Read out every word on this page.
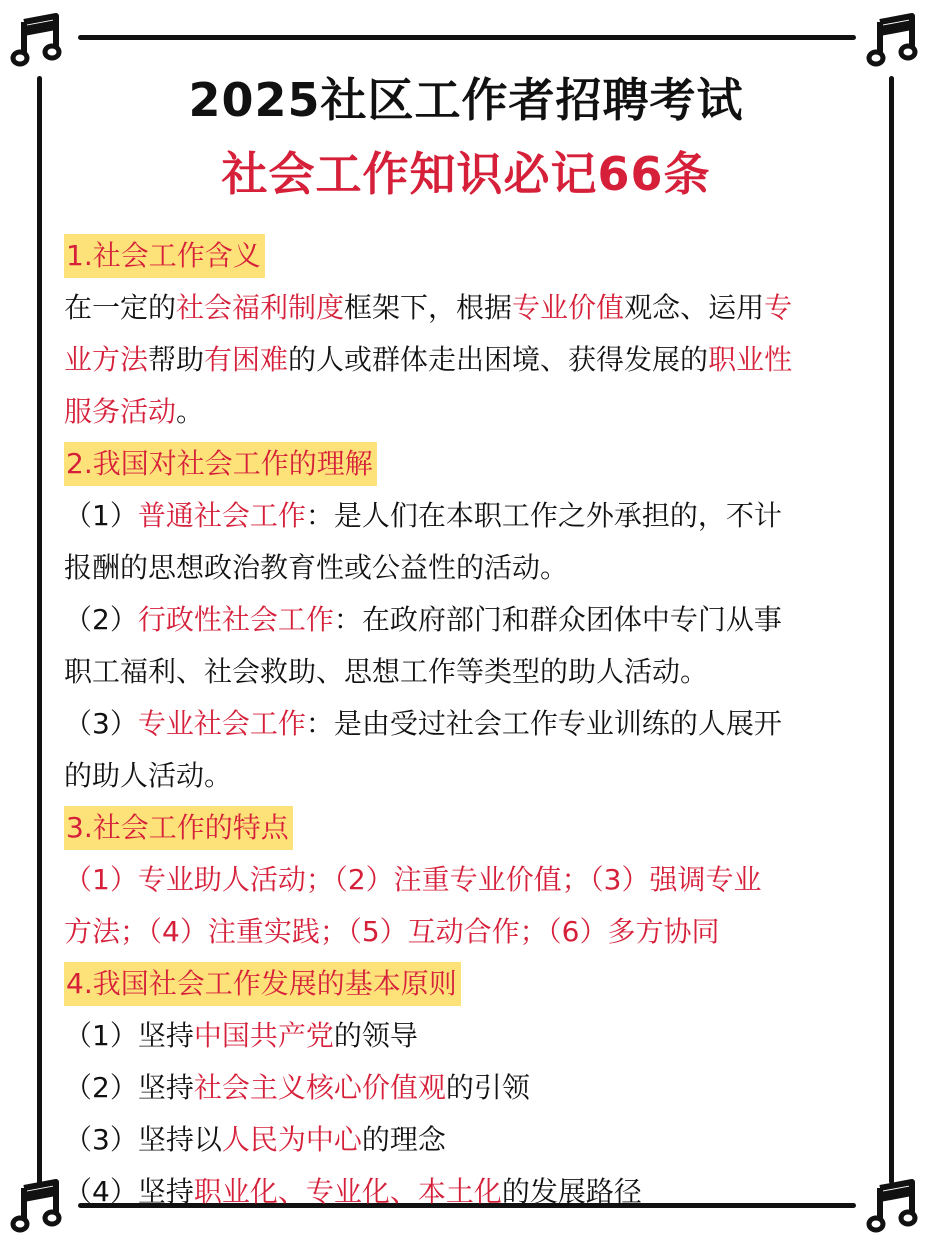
2025社区工作者招聘考试
社会工作知识必记66条
1.社会工作含义
在一定的社会福利制度框架下，根据专业价值观念、运用专
业方法帮助有困难的人或群体走出困境、获得发展的职业性
服务活动。
2.我国对社会工作的理解
（1）普通社会工作：是人们在本职工作之外承担的，不计
报酬的思想政治教育性或公益性的活动。
（2）行政性社会工作：在政府部门和群众团体中专门从事
职工福利、社会救助、思想工作等类型的助人活动。
（3）专业社会工作：是由受过社会工作专业训练的人展开
的助人活动。
3.社会工作的特点
（1）专业助人活动；（2）注重专业价值；（3）强调专业
方法；（4）注重实践；（5）互动合作；（6）多方协同
4.我国社会工作发展的基本原则
（1）坚持中国共产党的领导
（2）坚持社会主义核心价值观的引领
（3）坚持以人民为中心的理念
（4）坚持职业化、专业化、本土化的发展路径
